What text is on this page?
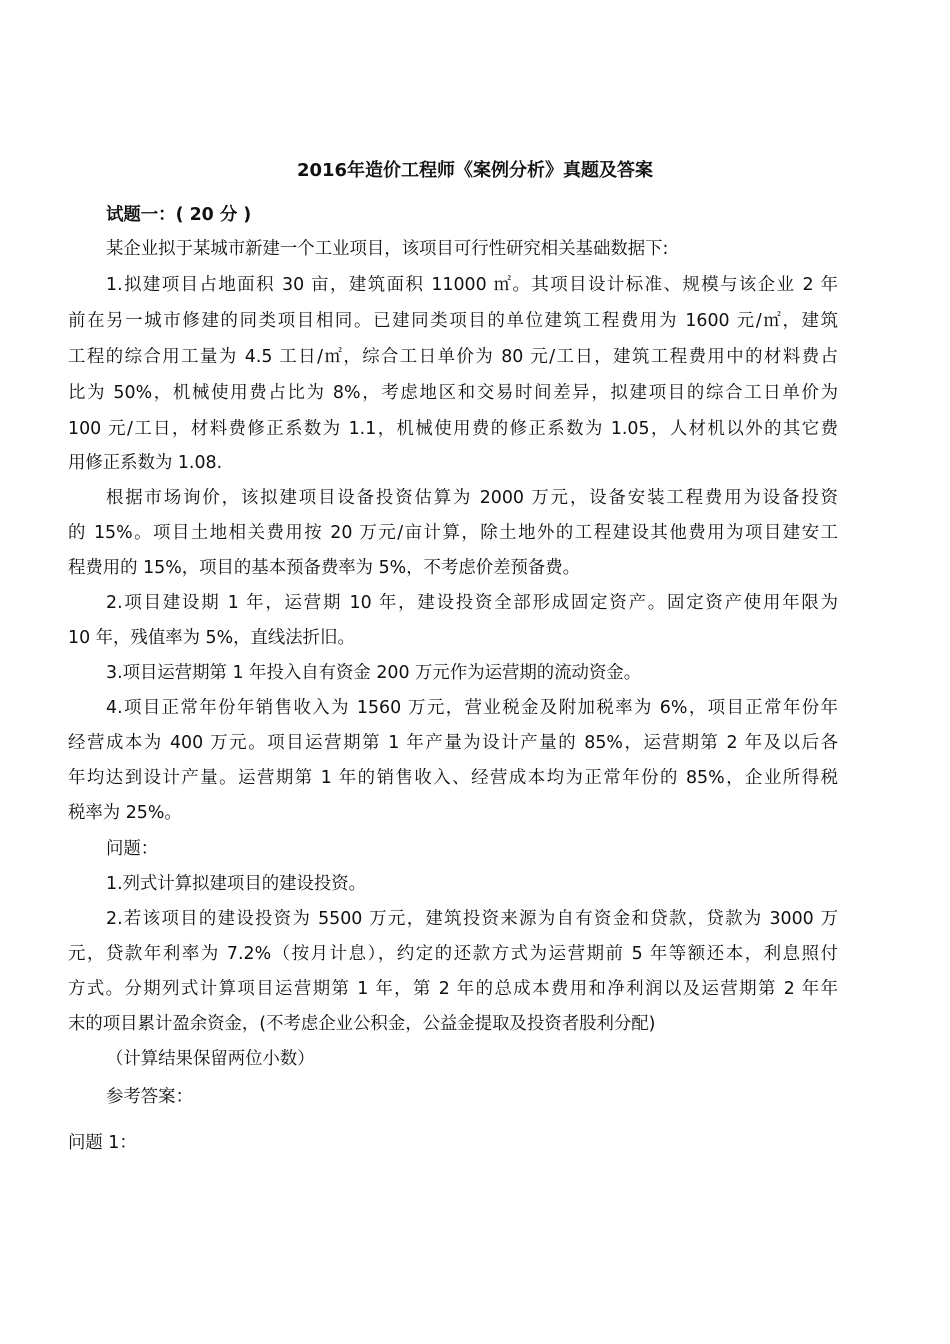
2016年造价工程师《案例分析》真题及答案
试题一：( 20 分 )
某企业拟于某城市新建一个工业项目，该项目可行性研究相关基础数据下:
1.拟建项目占地面积 30 亩，建筑面积 11000 ㎡。其项目设计标准、规模与该企业 2 年
前在另一城市修建的同类项目相同。已建同类项目的单位建筑工程费用为 1600 元/㎡，建筑
工程的综合用工量为 4.5 工日/㎡，综合工日单价为 80 元/工日，建筑工程费用中的材料费占
比为 50%，机械使用费占比为 8%，考虑地区和交易时间差异，拟建项目的综合工日单价为
100 元/工日，材料费修正系数为 1.1，机械使用费的修正系数为 1.05，人材机以外的其它费
用修正系数为 1.08.
根据市场询价，该拟建项目设备投资估算为 2000 万元，设备安装工程费用为设备投资
的 15%。项目土地相关费用按 20 万元/亩计算，除土地外的工程建设其他费用为项目建安工
程费用的 15%，项目的基本预备费率为 5%，不考虑价差预备费。
2.项目建设期 1 年，运营期 10 年，建设投资全部形成固定资产。固定资产使用年限为
10 年，残值率为 5%，直线法折旧。
3.项目运营期第 1 年投入自有资金 200 万元作为运营期的流动资金。
4.项目正常年份年销售收入为 1560 万元，营业税金及附加税率为 6%，项目正常年份年
经营成本为 400 万元。项目运营期第 1 年产量为设计产量的 85%，运营期第 2 年及以后各
年均达到设计产量。运营期第 1 年的销售收入、经营成本均为正常年份的 85%，企业所得税
税率为 25%。
问题：
1.列式计算拟建项目的建设投资。
2.若该项目的建设投资为 5500 万元，建筑投资来源为自有资金和贷款，贷款为 3000 万
元，贷款年利率为 7.2%（按月计息），约定的还款方式为运营期前 5 年等额还本，利息照付
方式。分期列式计算项目运营期第 1 年，第 2 年的总成本费用和净利润以及运营期第 2 年年
末的项目累计盈余资金，(不考虑企业公积金，公益金提取及投资者股利分配)
（计算结果保留两位小数）
参考答案：
问题 1：
